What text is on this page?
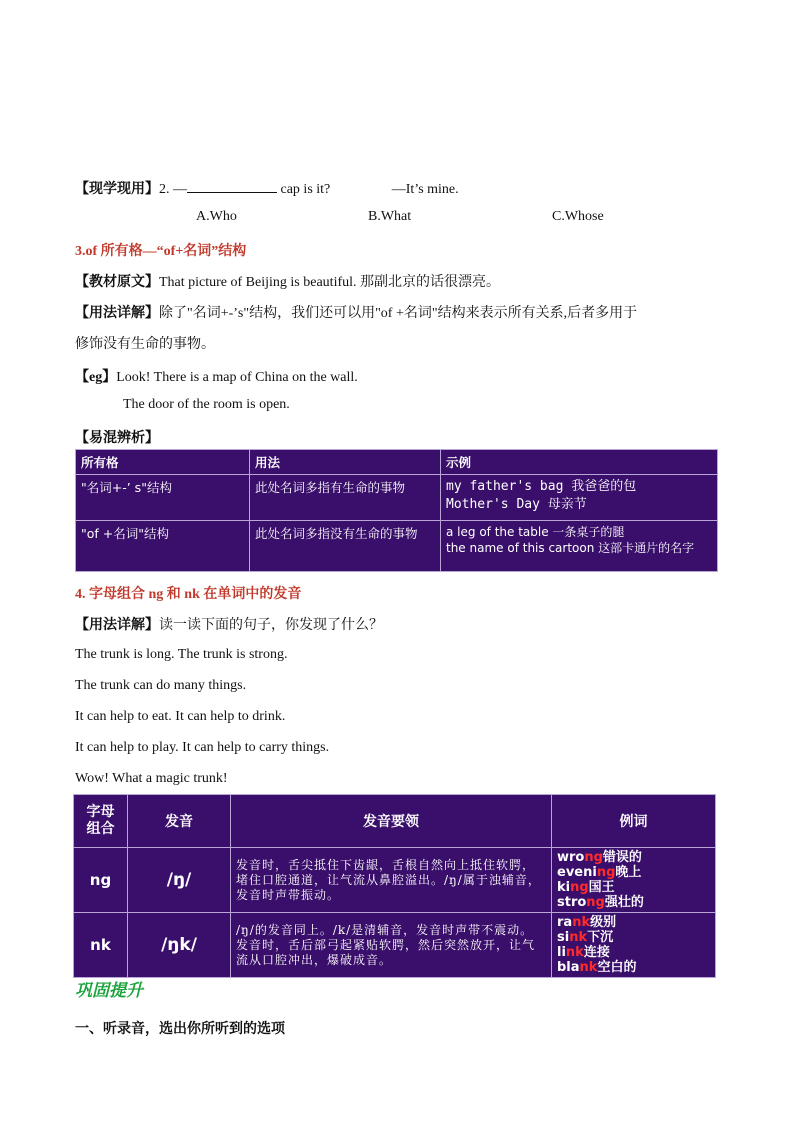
【现学现用】2. —	cap is it?	—It’s mine.
A.Who	B.What	C.Whose
3.of 所有格—“of+名词”结构
【教材原文】That picture of Beijing is beautiful. 那副北京的话很漂亮。
【用法详解】除了"名词+-’s"结构，我们还可以用"of +名词"结构来表示所有关系,后者多用于
修饰没有生命的事物。
【eg】Look! There is a map of China on the wall.
The door of the room is open.
【易混辨析】
所有格	用法	示例
"名词+-’ s"结构	此处名词多指有生命的事物	my father's bag 我爸爸的包
Mother's Day 母亲节

"of +名词"结构	此处名词多指没有生命的事物	a leg of the table 一条桌子的腿
the name of this cartoon 这部卡通片的名字
4. 字母组合 ng 和 nk 在单词中的发音
【用法详解】读一读下面的句子，你发现了什么？
The trunk is long. The trunk is strong.
The trunk can do many things.
It can help to eat. It can help to drink.
It can help to play. It can help to carry things.
Wow! What a magic trunk!
字母
组合	发音	发音要领	例词
ng	/ŋ/	发音时，舌尖抵住下齿龈，舌根自然向上抵住软腭，堵住口腔通道，让气流从鼻腔溢出。/ŋ/属于浊辅音，发音时声带振动。	wrong错误的
evening晚上
king国王
strong强壮的

nk	/ŋk/	/ŋ/的发音同上。/k/是清辅音，发音时声带不震动。发音时，舌后部弓起紧贴软腭，然后突然放开，让气流从口腔冲出，爆破成音。	rank级别
sink下沉
link连接
blank空白的
巩固提升
一、听录音，选出你所听到的选项
